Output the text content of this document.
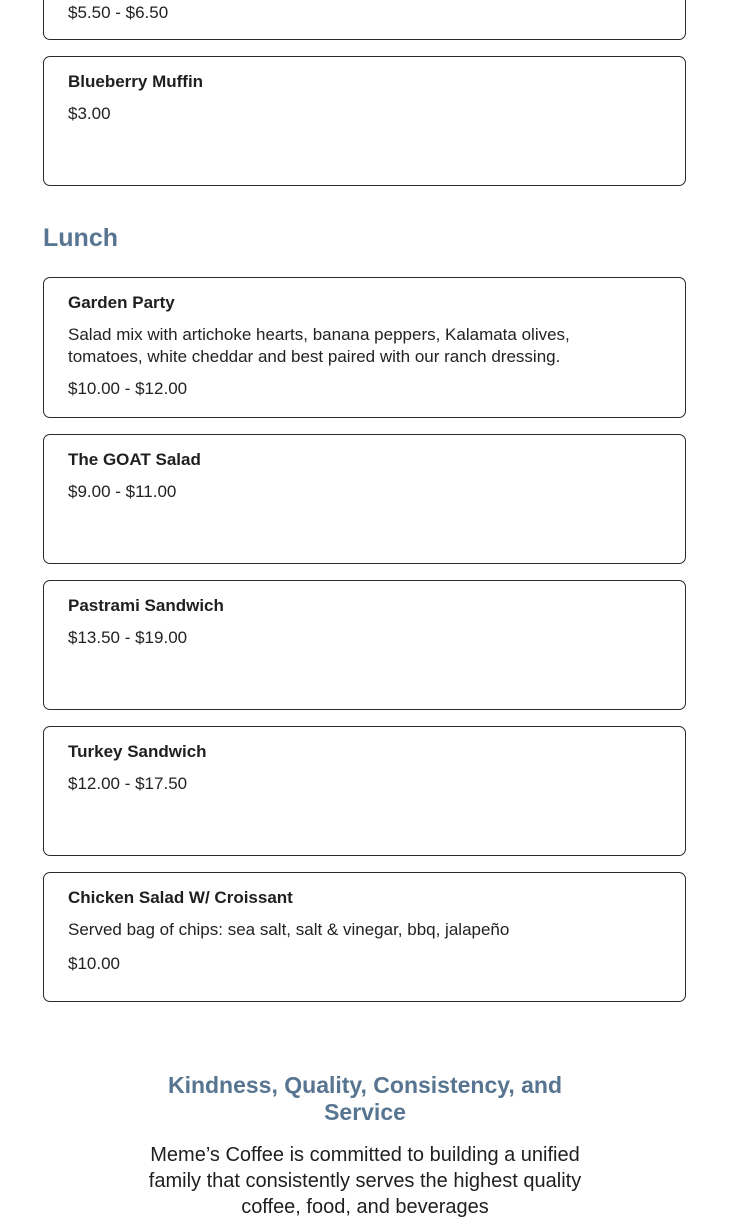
$5.50 - $6.50
Blueberry Muffin
$3.00
Lunch
Garden Party
Salad mix with artichoke hearts, banana peppers, Kalamata olives, tomatoes, white cheddar and best paired with our ranch dressing.
$10.00 - $12.00
The GOAT Salad
$9.00 - $11.00
Pastrami Sandwich
$13.50 - $19.00
Turkey Sandwich
$12.00 - $17.50
Chicken Salad W/ Croissant
Served bag of chips: sea salt, salt & vinegar, bbq, jalapeño
$10.00
Kindness, Quality, Consistency, and Service
Meme’s Coffee is committed to building a unified family that consistently serves the highest quality coffee, food, and beverages
